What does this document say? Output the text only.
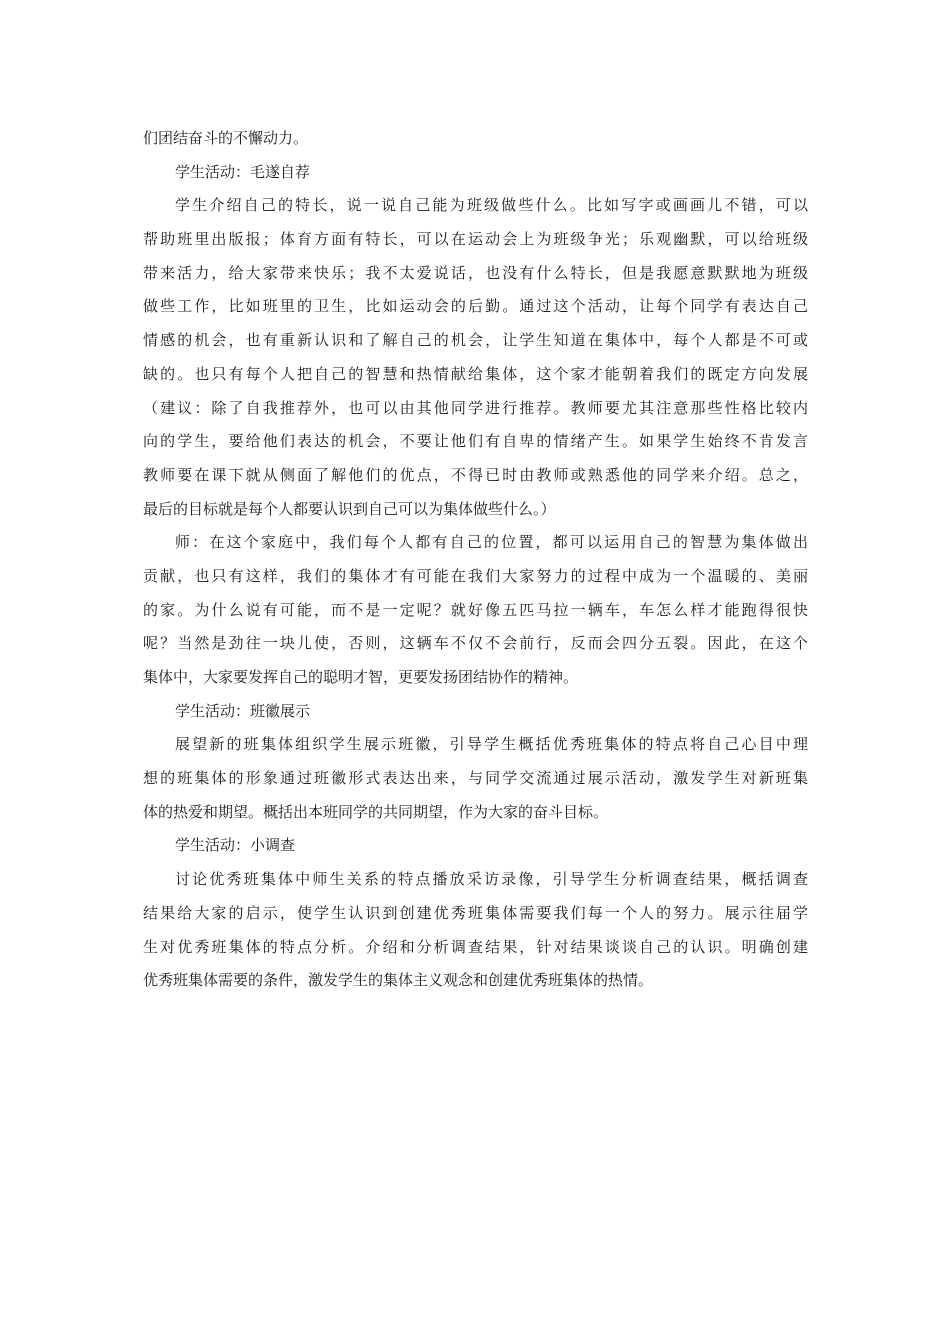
们团结奋斗的不懈动力。
学生活动：毛遂自荐
学生介绍自己的特长，说一说自己能为班级做些什么。比如写字或画画儿不错，可以
帮助班里出版报；体育方面有特长，可以在运动会上为班级争光；乐观幽默，可以给班级
带来活力，给大家带来快乐；我不太爱说话，也没有什么特长，但是我愿意默默地为班级
做些工作，比如班里的卫生，比如运动会的后勤。通过这个活动，让每个同学有表达自己
情感的机会，也有重新认识和了解自己的机会，让学生知道在集体中，每个人都是不可或
缺的。也只有每个人把自己的智慧和热情献给集体，这个家才能朝着我们的既定方向发展
（建议：除了自我推荐外，也可以由其他同学进行推荐。教师要尤其注意那些性格比较内
向的学生，要给他们表达的机会，不要让他们有自卑的情绪产生。如果学生始终不肯发言
教师要在课下就从侧面了解他们的优点，不得已时由教师或熟悉他的同学来介绍。总之，
最后的目标就是每个人都要认识到自己可以为集体做些什么。）
师：在这个家庭中，我们每个人都有自己的位置，都可以运用自己的智慧为集体做出
贡献，也只有这样，我们的集体才有可能在我们大家努力的过程中成为一个温暖的、美丽
的家。为什么说有可能，而不是一定呢？就好像五匹马拉一辆车，车怎么样才能跑得很快
呢？当然是劲往一块儿使，否则，这辆车不仅不会前行，反而会四分五裂。因此，在这个
集体中，大家要发挥自己的聪明才智，更要发扬团结协作的精神。
学生活动：班徽展示
展望新的班集体组织学生展示班徽，引导学生概括优秀班集体的特点将自己心目中理
想的班集体的形象通过班徽形式表达出来，与同学交流通过展示活动，激发学生对新班集
体的热爱和期望。概括出本班同学的共同期望，作为大家的奋斗目标。
学生活动：小调查
讨论优秀班集体中师生关系的特点播放采访录像，引导学生分析调查结果，概括调查
结果给大家的启示，使学生认识到创建优秀班集体需要我们每一个人的努力。展示往届学
生对优秀班集体的特点分析。介绍和分析调查结果，针对结果谈谈自己的认识。明确创建
优秀班集体需要的条件，激发学生的集体主义观念和创建优秀班集体的热情。
